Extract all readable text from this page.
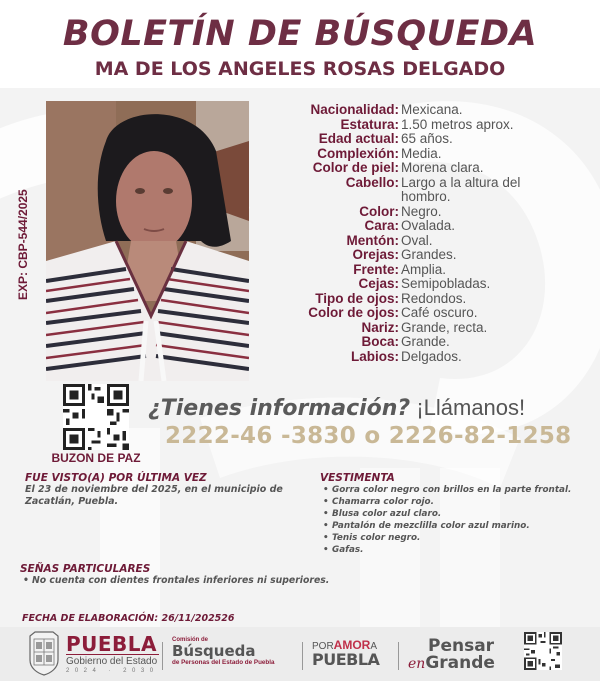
BOLETÍN DE BÚSQUEDA
MA DE LOS ANGELES ROSAS DELGADO
EXP: CBP-544/2025
Nacionalidad: Mexicana.
Estatura: 1.50 metros aprox.
Edad actual: 65 años.
Complexión: Media.
Color de piel: Morena clara.
Cabello: Largo a la altura del hombro.
Color: Negro.
Cara: Ovalada.
Mentón: Oval.
Orejas: Grandes.
Frente: Amplia.
Cejas: Semipobladas.
Tipo de ojos: Redondos.
Color de ojos: Café oscuro.
Nariz: Grande, recta.
Boca: Grande.
Labios: Delgados.
BUZON DE PAZ
¿Tienes información? ¡Llámanos!
2222-46 -3830 o 2226-82-1258
FUE VISTO(A) POR ÚLTIMA VEZ
El 23 de noviembre del 2025, en el municipio de Zacatlán, Puebla.
VESTIMENTA
• Gorra color negro con brillos en la parte frontal.
• Chamarra color rojo.
• Blusa color azul claro.
• Pantalón de mezclilla color azul marino.
• Tenis color negro.
• Gafas.
SEÑAS PARTICULARES
• No cuenta con dientes frontales inferiores ni superiores.
FECHA DE ELABORACIÓN: 26/11/202526
PUEBLA
Gobierno del Estado
2024 · 2030
Comisión de
Búsqueda
de Personas del Estado de Puebla
PORAMORA
PUEBLA
Pensar
enGrande
